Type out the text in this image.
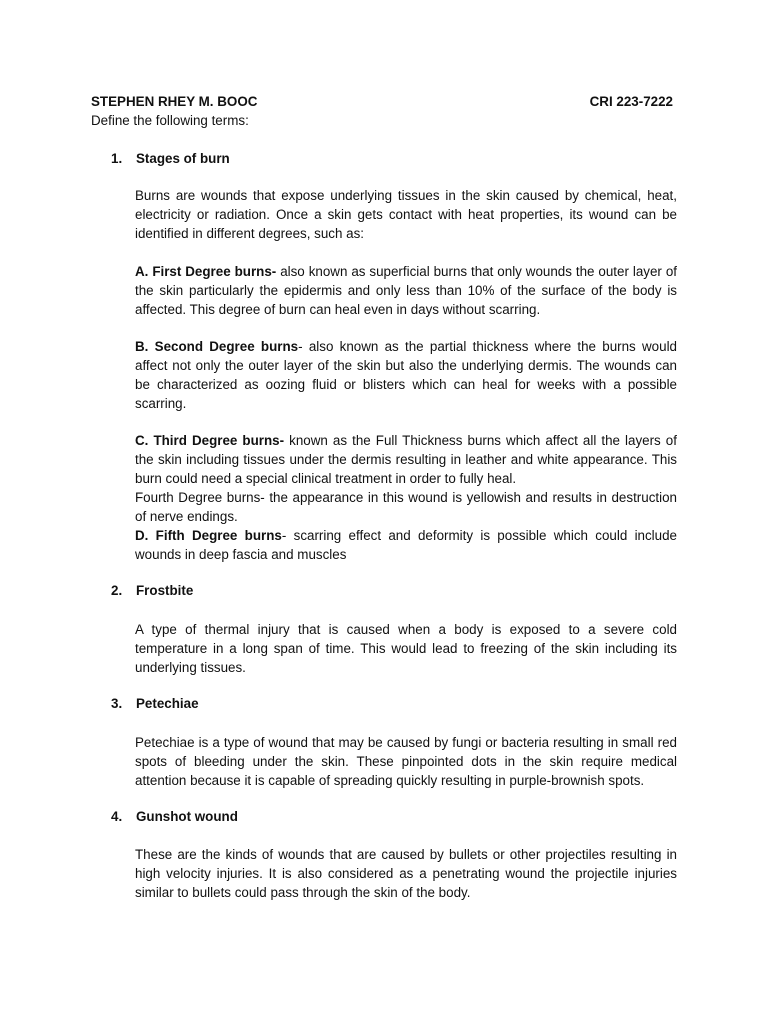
STEPHEN RHEY M. BOOC	CRI 223-7222
Define the following terms:
1. Stages of burn
Burns are wounds that expose underlying tissues in the skin caused by chemical, heat, electricity or radiation. Once a skin gets contact with heat properties, its wound can be identified in different degrees, such as:
A. First Degree burns- also known as superficial burns that only wounds the outer layer of the skin particularly the epidermis and only less than 10% of the surface of the body is affected. This degree of burn can heal even in days without scarring.
B. Second Degree burns- also known as the partial thickness where the burns would affect not only the outer layer of the skin but also the underlying dermis. The wounds can be characterized as oozing fluid or blisters which can heal for weeks with a possible scarring.
C. Third Degree burns- known as the Full Thickness burns which affect all the layers of the skin including tissues under the dermis resulting in leather and white appearance. This burn could need a special clinical treatment in order to fully heal.
Fourth Degree burns- the appearance in this wound is yellowish and results in destruction of nerve endings.
D. Fifth Degree burns- scarring effect and deformity is possible which could include wounds in deep fascia and muscles
2. Frostbite
A type of thermal injury that is caused when a body is exposed to a severe cold temperature in a long span of time. This would lead to freezing of the skin including its underlying tissues.
3. Petechiae
Petechiae is a type of wound that may be caused by fungi or bacteria resulting in small red spots of bleeding under the skin. These pinpointed dots in the skin require medical attention because it is capable of spreading quickly resulting in purple-brownish spots.
4. Gunshot wound
These are the kinds of wounds that are caused by bullets or other projectiles resulting in high velocity injuries. It is also considered as a penetrating wound the projectile injuries similar to bullets could pass through the skin of the body.
